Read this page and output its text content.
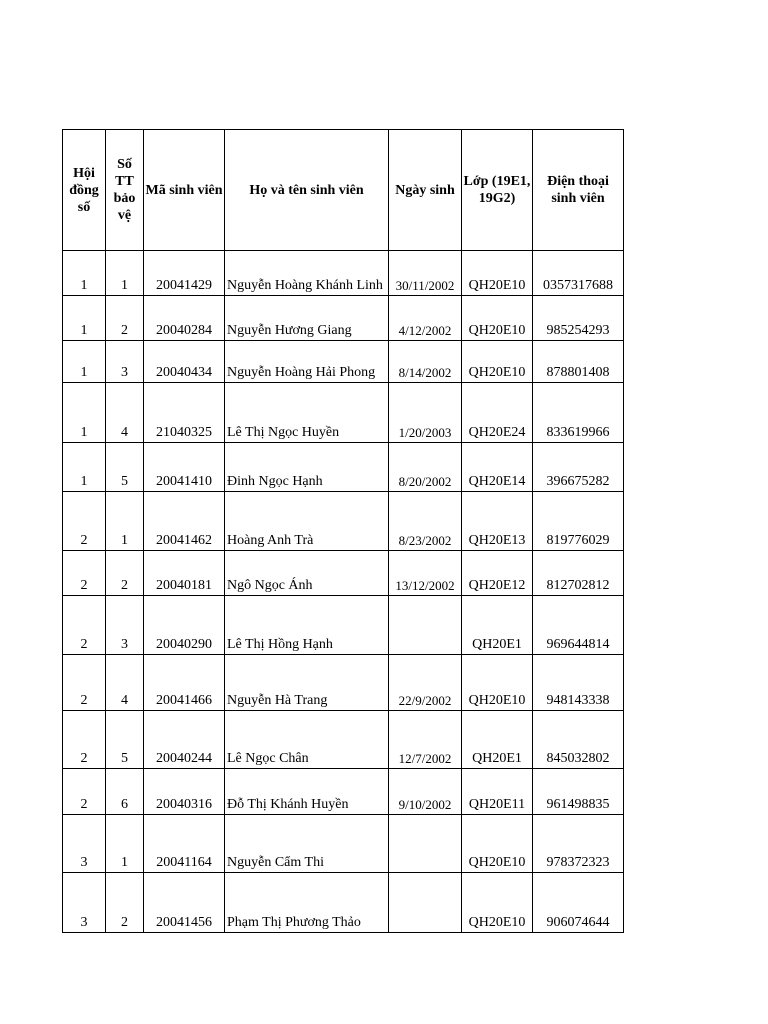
Hội đồng số	Số TT bảo vệ	Mã sinh viên	Họ và tên sinh viên	Ngày sinh	Lớp (19E1, 19G2)	Điện thoại sinh viên
1	1	20041429	Nguyễn Hoàng Khánh Linh	30/11/2002	QH20E10	0357317688
1	2	20040284	Nguyễn Hương Giang	4/12/2002	QH20E10	985254293
1	3	20040434	Nguyễn Hoàng Hải Phong	8/14/2002	QH20E10	878801408
1	4	21040325	Lê Thị Ngọc Huyền	1/20/2003	QH20E24	833619966
1	5	20041410	Đinh Ngọc Hạnh	8/20/2002	QH20E14	396675282
2	1	20041462	Hoàng Anh Trà	8/23/2002	QH20E13	819776029
2	2	20040181	Ngô Ngọc Ánh	13/12/2002	QH20E12	812702812
2	3	20040290	Lê Thị Hồng Hạnh		QH20E1	969644814
2	4	20041466	Nguyễn Hà Trang	22/9/2002	QH20E10	948143338
2	5	20040244	Lê Ngọc Chân	12/7/2002	QH20E1	845032802
2	6	20040316	Đỗ Thị Khánh Huyền	9/10/2002	QH20E11	961498835
3	1	20041164	Nguyễn Cẩm Thi		QH20E10	978372323
3	2	20041456	Phạm Thị Phương Thảo		QH20E10	906074644
